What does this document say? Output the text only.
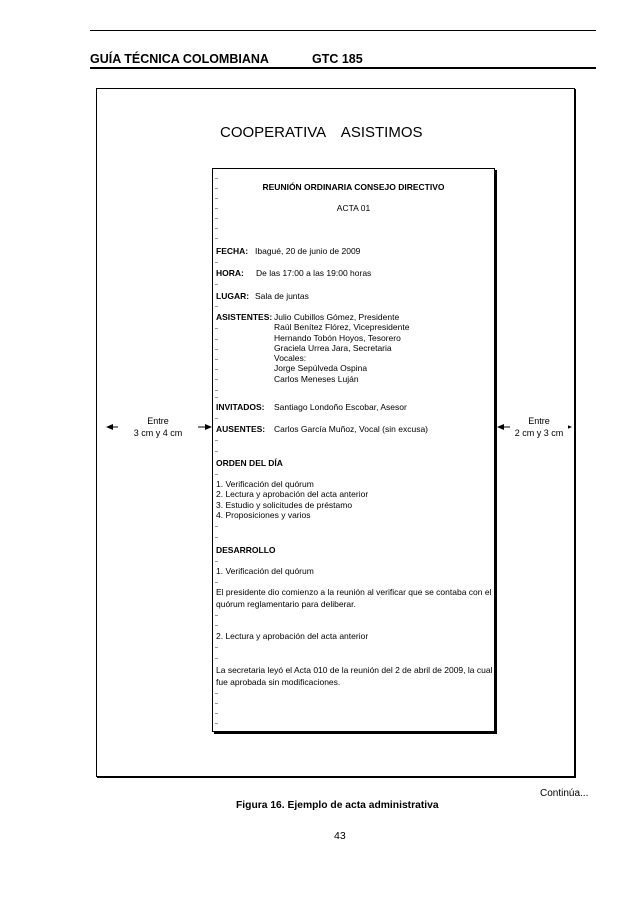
GUÍA TÉCNICA COLOMBIANA	GTC 185
COOPERATIVA  ASISTIMOS
Entre
3 cm y 4 cm
Entre
2 cm y 3 cm
REUNIÓN ORDINARIA CONSEJO DIRECTIVO
ACTA 01
FECHA: Ibagué, 20 de junio de 2009
HORA: De las 17:00 a las 19:00 horas
LUGAR: Sala de juntas
ASISTENTES: Julio Cubillos Gómez, Presidente
Raúl Benítez Flórez, Vicepresidente
Hernando Tobón Hoyos, Tesorero
Graciela Urrea Jara, Secretaria
Vocales:
Jorge Sepúlveda Ospina
Carlos Meneses Luján
INVITADOS: Santiago Londoño Escobar, Asesor
AUSENTES: Carlos García Muñoz, Vocal (sin excusa)
ORDEN DEL DÍA
1. Verificación del quórum
2. Lectura y aprobación del acta anterior
3. Estudio y solicitudes de préstamo
4. Proposiciones y varios
DESARROLLO
1. Verificación del quórum
El presidente dio comienzo a la reunión al verificar que se contaba con el
quórum reglamentario para deliberar.
2. Lectura y aprobación del acta anterior
La secretaria leyó el Acta 010 de la reunión del 2 de abril de 2009, la cual
fue aprobada sin modificaciones.
Continúa...
Figura 16. Ejemplo de acta administrativa
43
